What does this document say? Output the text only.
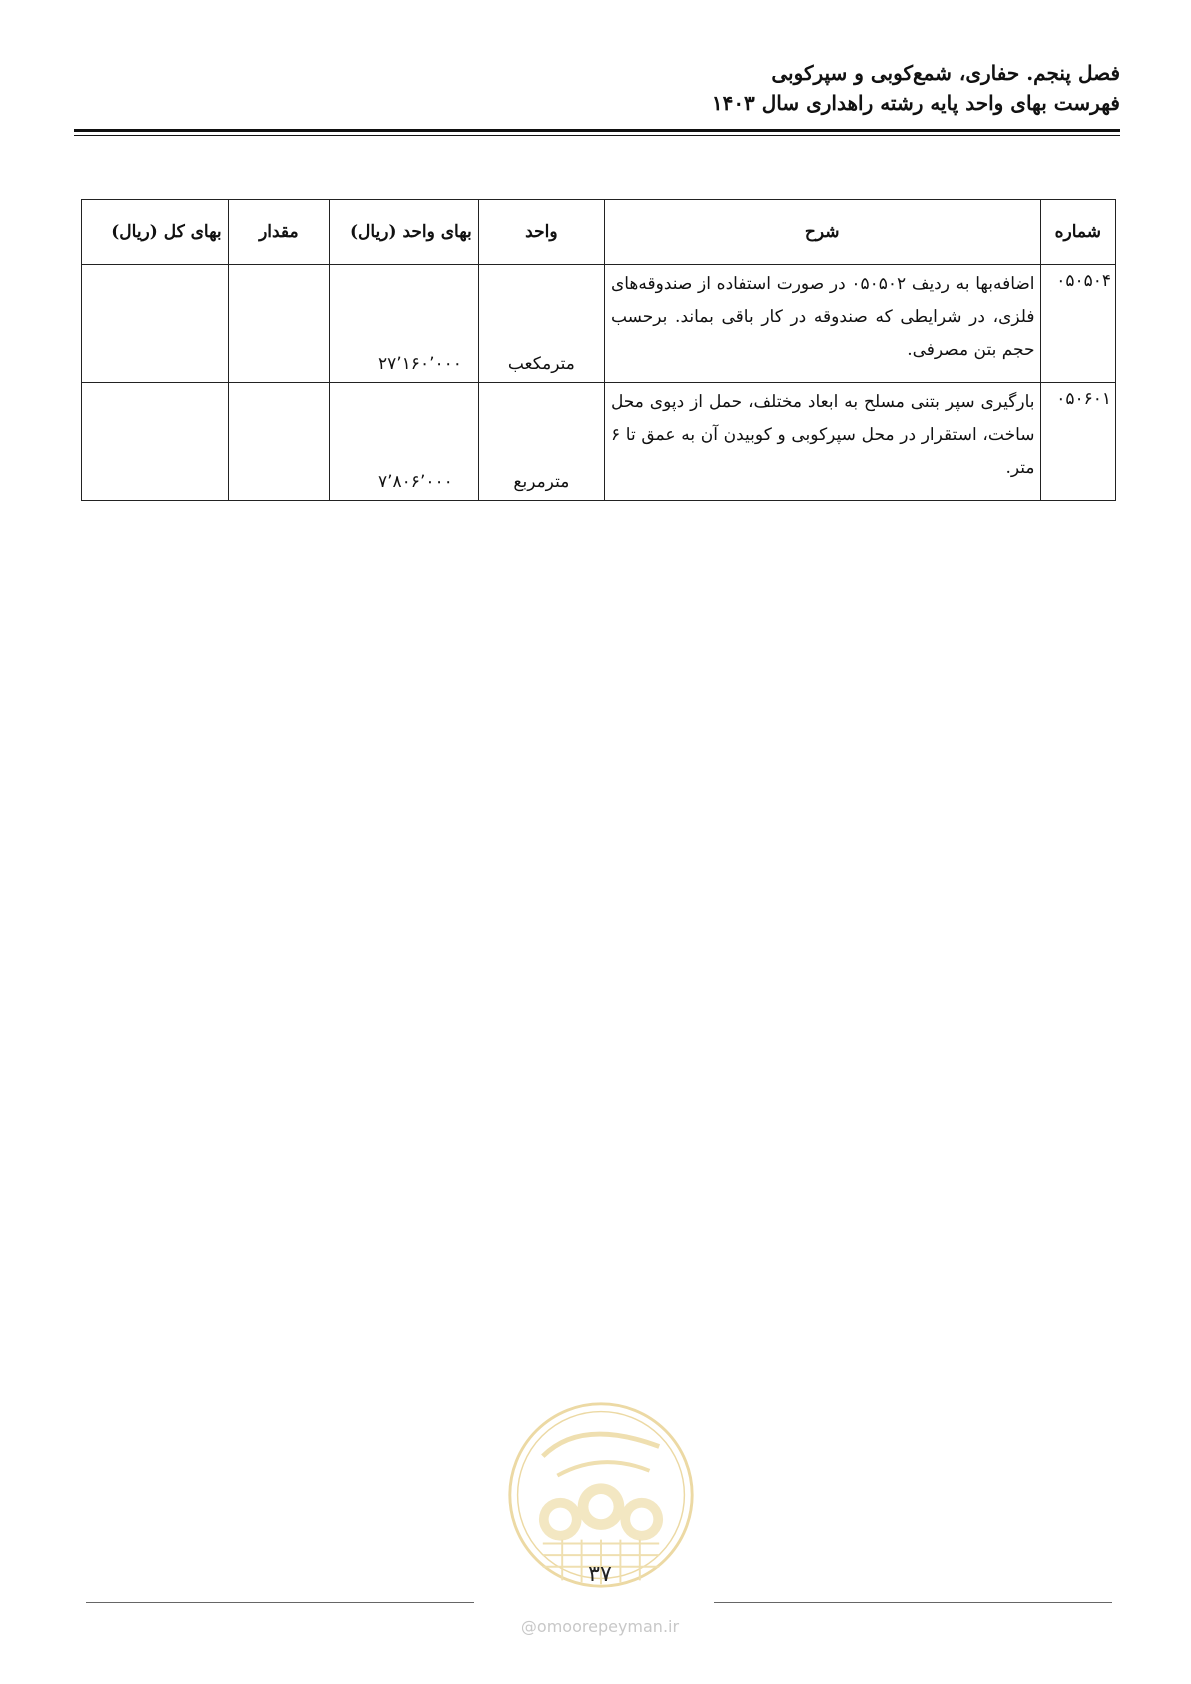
فصل پنجم. حفاری، شمع‌کوبی و سپرکوبی
فهرست بهای واحد پایه رشته راهداری سال ۱۴۰۳
شماره	شرح	واحد	بهای واحد (ریال)	مقدار	بهای کل (ریال)
۰۵۰۵۰۴	اضافه‌بها به ردیف ۰۵۰۵۰۲ در صورت استفاده از صندوقه‌های فلزی، در شرایطی که صندوقه در کار باقی بماند. برحسب حجم بتن مصرفی.	مترمکعب	۲۷٬۱۶۰٬۰۰۰		
۰۵۰۶۰۱	بارگیری سپر بتنی مسلح به ابعاد مختلف، حمل از دپوی محل ساخت، استقرار در محل سپرکوبی و کوبیدن آن به عمق تا ۶ متر.	مترمربع	۷٬۸۰۶٬۰۰۰		
۳۷
@omoorepeyman.ir
